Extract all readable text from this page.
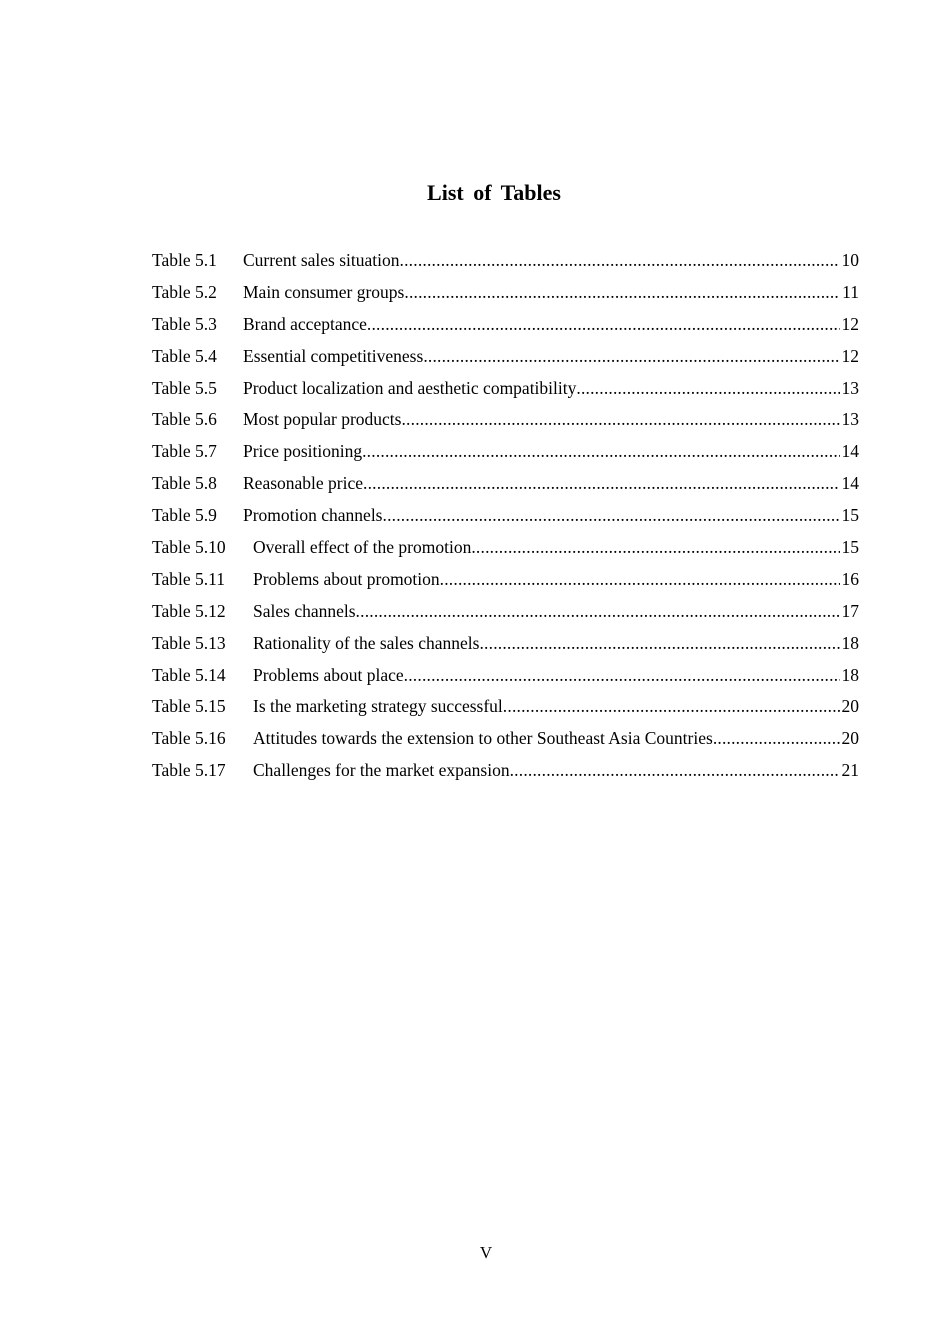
List of Tables
Table 5.1	Current sales situation .....	10
Table 5.2	Main consumer groups .....	11
Table 5.3	Brand acceptance .....	12
Table 5.4	Essential competitiveness .....	12
Table 5.5	Product localization and aesthetic compatibility .....	13
Table 5.6	Most popular products .....	13
Table 5.7	Price positioning .....	14
Table 5.8	Reasonable price .....	14
Table 5.9	Promotion channels .....	15
Table 5.10	Overall effect of the promotion .....	15
Table 5.11	Problems about promotion .....	16
Table 5.12	Sales channels .....	17
Table 5.13	Rationality of the sales channels .....	18
Table 5.14	Problems about place .....	18
Table 5.15	Is the marketing strategy successful .....	20
Table 5.16	Attitudes towards the extension to other Southeast Asia Countries .....	20
Table 5.17	Challenges for the market expansion .....	21
V
